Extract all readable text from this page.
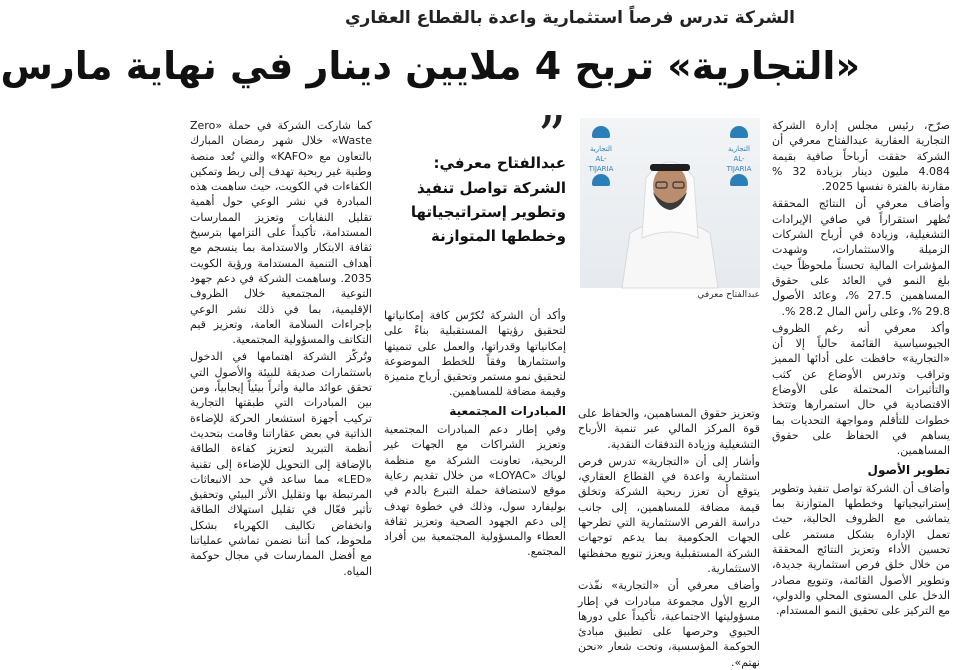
الشركة تدرس فرصاً استثمارية واعدة بالقطاع العقاري
«التجارية» تربح 4 ملايين دينار في نهاية مارس

صرّح، رئيس مجلس إدارة الشركة التجارية العقارية عبدالفتاح معرفي أن الشركة حققت أرباحاً صافية بقيمة 4.084 مليون دينار بزيادة 32 % مقارنة بالفترة نفسها 2025.

وأضاف معرفي أن النتائج المحققة تُظهر استقراراً في صافي الإيرادات التشغيلية، وزيادة في أرباح الشركات الزميلة والاستثمارات، وشهدت المؤشرات المالية تحسناً ملحوظاً حيث بلغ النمو في العائد على حقوق المساهمين 27.5 %، وعائد الأصول 29.8 %، وعلى رأس المال 28.2 %.

وأكد معرفي أنه رغم الظروف الجيوسياسية القائمة حالياً إلا أن «التجارية» حافظت على أدائها المميز وتراقب وتدرس الأوضاع عن كثب والتأثيرات المحتملة على الأوضاع الاقتصادية في حال استمرارها وتتخذ خطوات للتأقلم ومواجهة التحديات بما يساهم في الحفاظ على حقوق المساهمين.

تطوير الأصول

وأضاف أن الشركة تواصل تنفيذ وتطوير إستراتيجياتها وخططها المتوازنة بما يتماشى مع الظروف الحالية، حيث تعمل الإدارة بشكل مستمر على تحسين الأداء وتعزيز النتائج المحققة من خلال خلق فرص استثمارية جديدة، وتطوير الأصول القائمة، وتنويع مصادر الدخل على المستوى المحلي والدولي، مع التركيز على تحقيق النمو المستدام.

التجارية AL-TIJARIA
التجارية AL-TIJARIA
عبدالفتاح معرفي

وتعزيز حقوق المساهمين، والحفاظ على قوة المركز المالي عبر تنمية الأرباح التشغيلية وزيادة التدفقات النقدية.

وأشار إلى أن «التجارية» تدرس فرص استثمارية واعدة في القطاع العقاري، يتوقع أن تعزز ربحية الشركة وتخلق قيمة مضافة للمساهمين، إلى جانب دراسة الفرص الاستثمارية التي تطرحها الجهات الحكومية بما يدعم توجهات الشركة المستقبلية ويعزز تنويع محفظتها الاستثمارية.

وأضاف معرفي أن «التجارية» نفّذت الربع الأول مجموعة مبادرات في إطار مسؤوليتها الاجتماعية، تأكيداً على دورها الحيوي وحرصها على تطبيق مبادئ الحوكمة المؤسسية، وتحت شعار «نحن نهتم».

”
عبدالفتاح معرفي:
الشركة تواصل تنفيذ وتطوير إستراتيجياتها وخططها المتوازنة

وأكد أن الشركة تُكرّس كافة إمكانياتها لتحقيق رؤيتها المستقبلية بناءً على إمكانياتها وقدراتها، والعمل على تنميتها واستثمارها وفقاً للخطط الموضوعة لتحقيق نمو مستمر وتحقيق أرباح متميزة وقيمة مضافة للمساهمين.

المبادرات المجتمعية

وفي إطار دعم المبادرات المجتمعية وتعزيز الشراكات مع الجهات غير الربحية، تعاونت الشركة مع منظمة لوياك «LOYAC» من خلال تقديم رعاية موقع لاستضافة حملة التبرع بالدم في بوليفارد سول، وذلك في خطوة تهدف إلى دعم الجهود الصحية وتعزيز ثقافة العطاء والمسؤولية المجتمعية بين أفراد المجتمع.

كما شاركت الشركة في حملة «Zero Waste» خلال شهر رمضان المبارك بالتعاون مع «KAFO» والتي تُعد منصة وطنية غير ربحية تهدف إلى ربط وتمكين الكفاءات في الكويت، حيث ساهمت هذه المبادرة في نشر الوعي حول أهمية تقليل النفايات وتعزيز الممارسات المستدامة، تأكيداً على التزامها بترسيخ ثقافة الابتكار والاستدامة بما ينسجم مع أهداف التنمية المستدامة ورؤية الكويت 2035. وساهمت الشركة في دعم جهود التوعية المجتمعية خلال الظروف الإقليمية، بما في ذلك نشر الوعي بإجراءات السلامة العامة، وتعزيز قيم التكاتف والمسؤولية المجتمعية.

وتُركّز الشركة اهتمامها في الدخول باستثمارات صديقة للبيئة والأصول التي تحقق عوائد مالية وأثراً بيئياً إيجابياً، ومن بين المبادرات التي طبقتها التجارية تركيب أجهزة استشعار الحركة للإضاءة الذاتية في بعض عقاراتنا وقامت بتحديث أنظمة التبريد لتعزيز كفاءة الطاقة بالإضافة إلى التحويل للإضاءة إلى تقنية «LED» مما ساعد في حد الانبعاثات المرتبطة بها وتقليل الأثر البيئي وتحقيق تأثير فعّال في تقليل استهلاك الطاقة وانخفاض تكاليف الكهرباء بشكل ملحوظ، كما أننا نضمن تماشي عملياتنا مع أفضل الممارسات في مجال حوكمة المياه.
